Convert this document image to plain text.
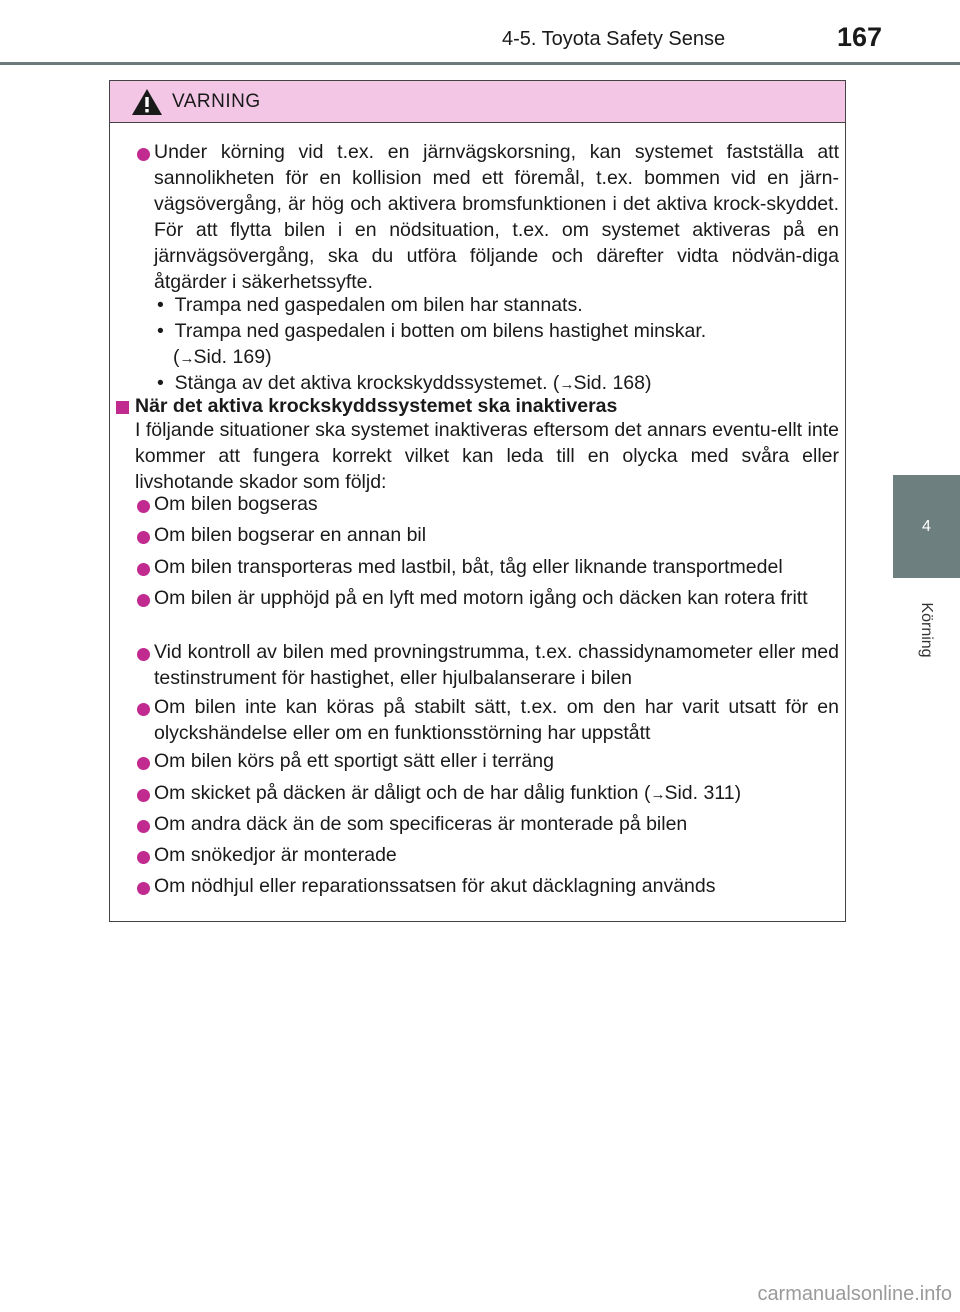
4-5. Toyota Safety Sense	167
4
Körning
VARNING
Under körning vid t.ex. en järnvägskorsning, kan systemet fastställa att sannolikheten för en kollision med ett föremål, t.ex. bommen vid en järn-vägsövergång, är hög och aktivera bromsfunktionen i det aktiva krock-skyddet. För att flytta bilen i en nödsituation, t.ex. om systemet aktiveras på en järnvägsövergång, ska du utföra följande och därefter vidta nödvän-diga åtgärder i säkerhetssyfte.
•  Trampa ned gaspedalen om bilen har stannats.
•  Trampa ned gaspedalen i botten om bilens hastighet minskar.
(→Sid. 169)
•  Stänga av det aktiva krockskyddssystemet. (→Sid. 168)
När det aktiva krockskyddssystemet ska inaktiveras
I följande situationer ska systemet inaktiveras eftersom det annars eventu-ellt inte kommer att fungera korrekt vilket kan leda till en olycka med svåra eller livshotande skador som följd:
Om bilen bogseras
Om bilen bogserar en annan bil
Om bilen transporteras med lastbil, båt, tåg eller liknande transportmedel
Om bilen är upphöjd på en lyft med motorn igång och däcken kan rotera fritt
Vid kontroll av bilen med provningstrumma, t.ex. chassidynamometer eller med testinstrument för hastighet, eller hjulbalanserare i bilen
Om bilen inte kan köras på stabilt sätt, t.ex. om den har varit utsatt för en olyckshändelse eller om en funktionsstörning har uppstått
Om bilen körs på ett sportigt sätt eller i terräng
Om skicket på däcken är dåligt och de har dålig funktion (→Sid. 311)
Om andra däck än de som specificeras är monterade på bilen
Om snökedjor är monterade
Om nödhjul eller reparationssatsen för akut däcklagning används
carmanualsonline.info
